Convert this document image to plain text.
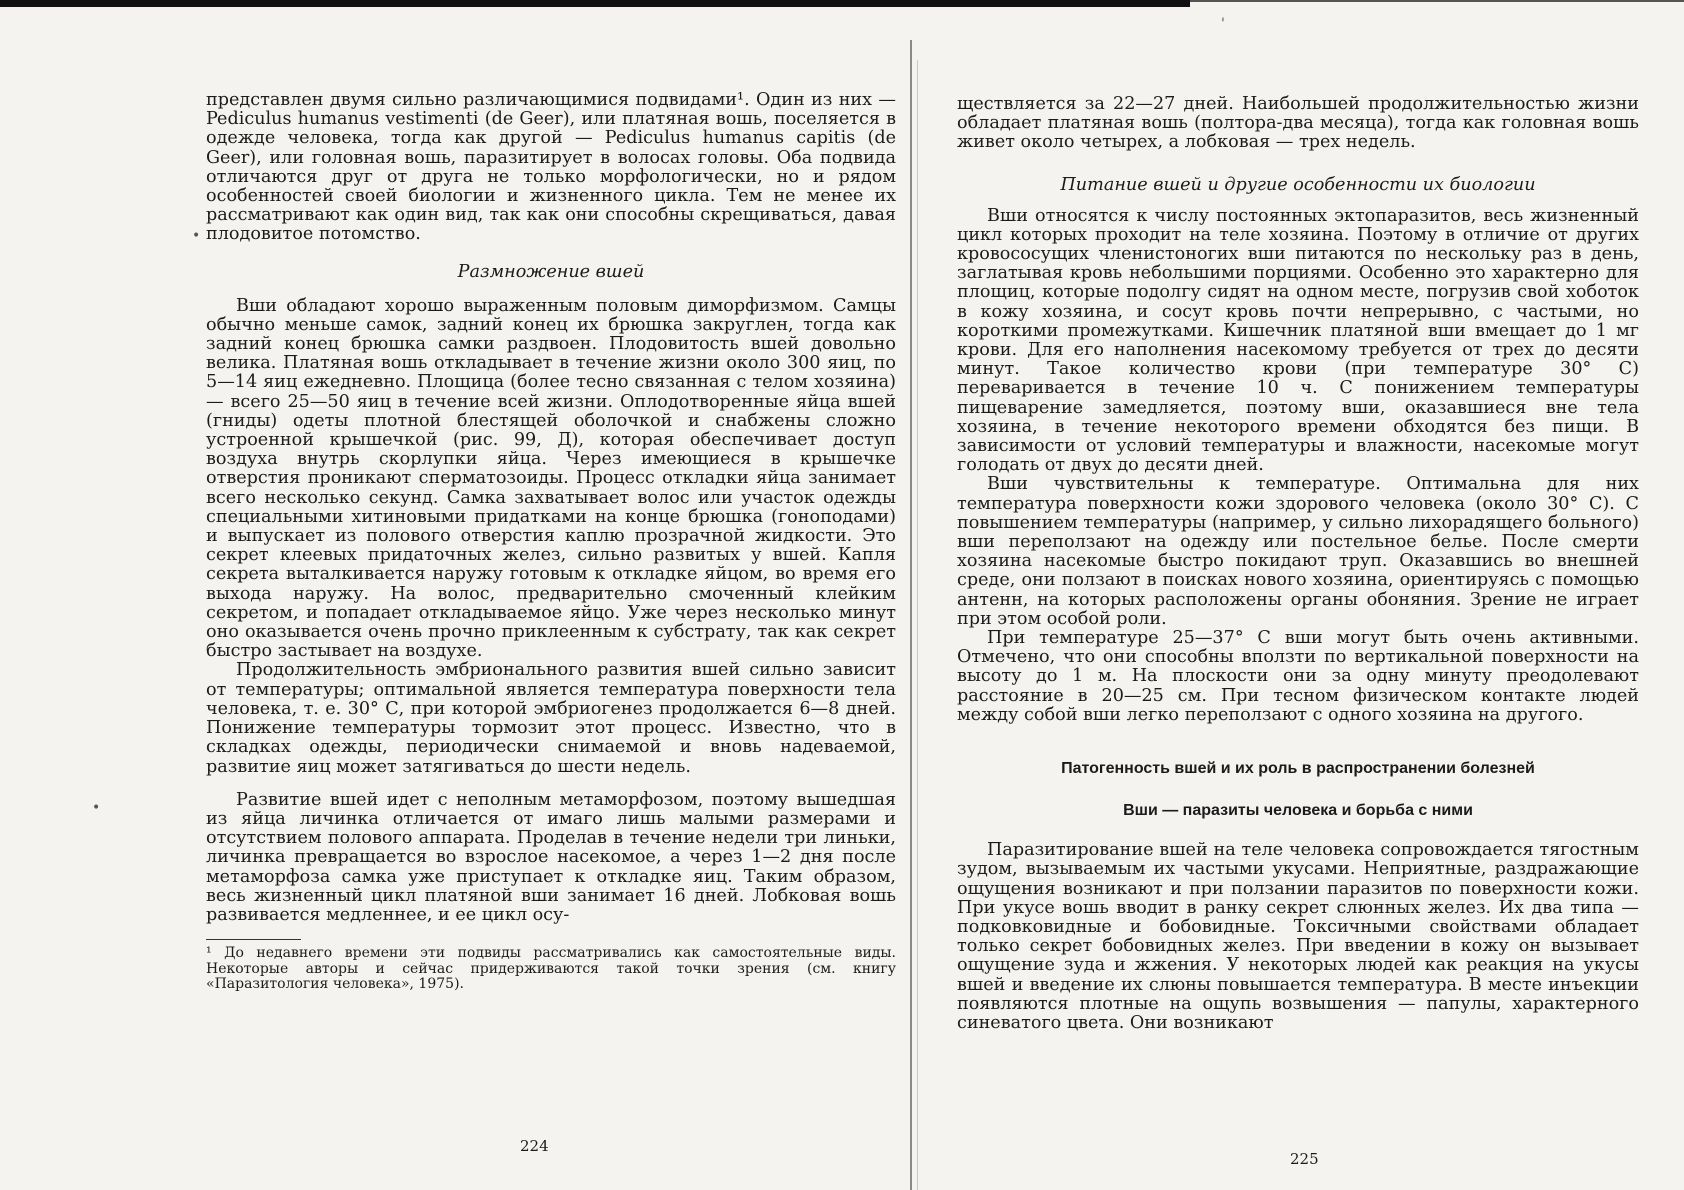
•
•
'

представлен двумя сильно различающимися подвидами¹. Один из них — Pediculus humanus vestimenti (de Geer), или платяная вошь, поселяется в одежде человека, тогда как другой — Pediculus humanus capitis (de Geer), или головная вошь, паразитирует в волосах головы. Оба подвида отличаются друг от друга не только морфологически, но и рядом особенностей своей биологии и жизненного цикла. Тем не менее их рассматривают как один вид, так как они способны скрещиваться, давая плодовитое потомство.

Размножение вшей

Вши обладают хорошо выраженным половым диморфизмом. Самцы обычно меньше самок, задний конец их брюшка закруглен, тогда как задний конец брюшка самки раздвоен. Плодовитость вшей довольно велика. Платяная вошь откладывает в течение жизни около 300 яиц, по 5—14 яиц ежедневно. Площица (более тесно связанная с телом хозяина) — всего 25—50 яиц в течение всей жизни. Оплодотворенные яйца вшей (гниды) одеты плотной блестящей оболочкой и снабжены сложно устроенной крышечкой (рис. 99, Д), которая обеспечивает доступ воздуха внутрь скорлупки яйца. Через имеющиеся в крышечке отверстия проникают сперматозоиды. Процесс откладки яйца занимает всего несколько секунд. Самка захватывает волос или участок одежды специальными хитиновыми придатками на конце брюшка (гоноподами) и выпускает из полового отверстия каплю прозрачной жидкости. Это секрет клеевых придаточных желез, сильно развитых у вшей. Капля секрета выталкивается наружу готовым к откладке яйцом, во время его выхода наружу. На волос, предварительно смоченный клейким секретом, и попадает откладываемое яйцо. Уже через несколько минут оно оказывается очень прочно приклеенным к субстрату, так как секрет быстро застывает на воздухе.

Продолжительность эмбрионального развития вшей сильно зависит от температуры; оптимальной является температура поверхности тела человека, т. е. 30° С, при которой эмбриогенез продолжается 6—8 дней. Понижение температуры тормозит этот процесс. Известно, что в складках одежды, периодически снимаемой и вновь надеваемой, развитие яиц может затягиваться до шести недель.

Развитие вшей идет с неполным метаморфозом, поэтому вышедшая из яйца личинка отличается от имаго лишь малыми размерами и отсутствием полового аппарата. Проделав в течение недели три линьки, личинка превращается во взрослое насекомое, а через 1—2 дня после метаморфоза самка уже приступает к откладке яиц. Таким образом, весь жизненный цикл платяной вши занимает 16 дней. Лобковая вошь развивается медленнее, и ее цикл осу-

¹ До недавнего времени эти подвиды рассматривались как самостоятельные виды. Некоторые авторы и сейчас придерживаются такой точки зрения (см. книгу «Паразитология человека», 1975).

224

ществляется за 22—27 дней. Наибольшей продолжительностью жизни обладает платяная вошь (полтора-два месяца), тогда как головная вошь живет около четырех, а лобковая — трех недель.

Питание вшей и другие особенности их биологии

Вши относятся к числу постоянных эктопаразитов, весь жизненный цикл которых проходит на теле хозяина. Поэтому в отличие от других кровососущих членистоногих вши питаются по нескольку раз в день, заглатывая кровь небольшими порциями. Особенно это характерно для площиц, которые подолгу сидят на одном месте, погрузив свой хоботок в кожу хозяина, и сосут кровь почти непрерывно, с частыми, но короткими промежутками. Кишечник платяной вши вмещает до 1 мг крови. Для его наполнения насекомому требуется от трех до десяти минут. Такое количество крови (при температуре 30° С) переваривается в течение 10 ч. С понижением температуры пищеварение замедляется, поэтому вши, оказавшиеся вне тела хозяина, в течение некоторого времени обходятся без пищи. В зависимости от условий температуры и влажности, насекомые могут голодать от двух до десяти дней.

Вши чувствительны к температуре. Оптимальна для них температура поверхности кожи здорового человека (около 30° С). С повышением температуры (например, у сильно лихорадящего больного) вши переползают на одежду или постельное белье. После смерти хозяина насекомые быстро покидают труп. Оказавшись во внешней среде, они ползают в поисках нового хозяина, ориентируясь с помощью антенн, на которых расположены органы обоняния. Зрение не играет при этом особой роли.

При температуре 25—37° С вши могут быть очень активными. Отмечено, что они способны вползти по вертикальной поверхности на высоту до 1 м. На плоскости они за одну минуту преодолевают расстояние в 20—25 см. При тесном физическом контакте людей между собой вши легко переползают с одного хозяина на другого.

Патогенность вшей и их роль в распространении болезней
Вши — паразиты человека и борьба с ними

Паразитирование вшей на теле человека сопровождается тягостным зудом, вызываемым их частыми укусами. Неприятные, раздражающие ощущения возникают и при ползании паразитов по поверхности кожи. При укусе вошь вводит в ранку секрет слюнных желез. Их два типа — подковковидные и бобовидные. Токсичными свойствами обладает только секрет бобовидных желез. При введении в кожу он вызывает ощущение зуда и жжения. У некоторых людей как реакция на укусы вшей и введение их слюны повышается температура. В месте инъекции появляются плотные на ощупь возвышения — папулы, характерного синеватого цвета. Они возникают

225
